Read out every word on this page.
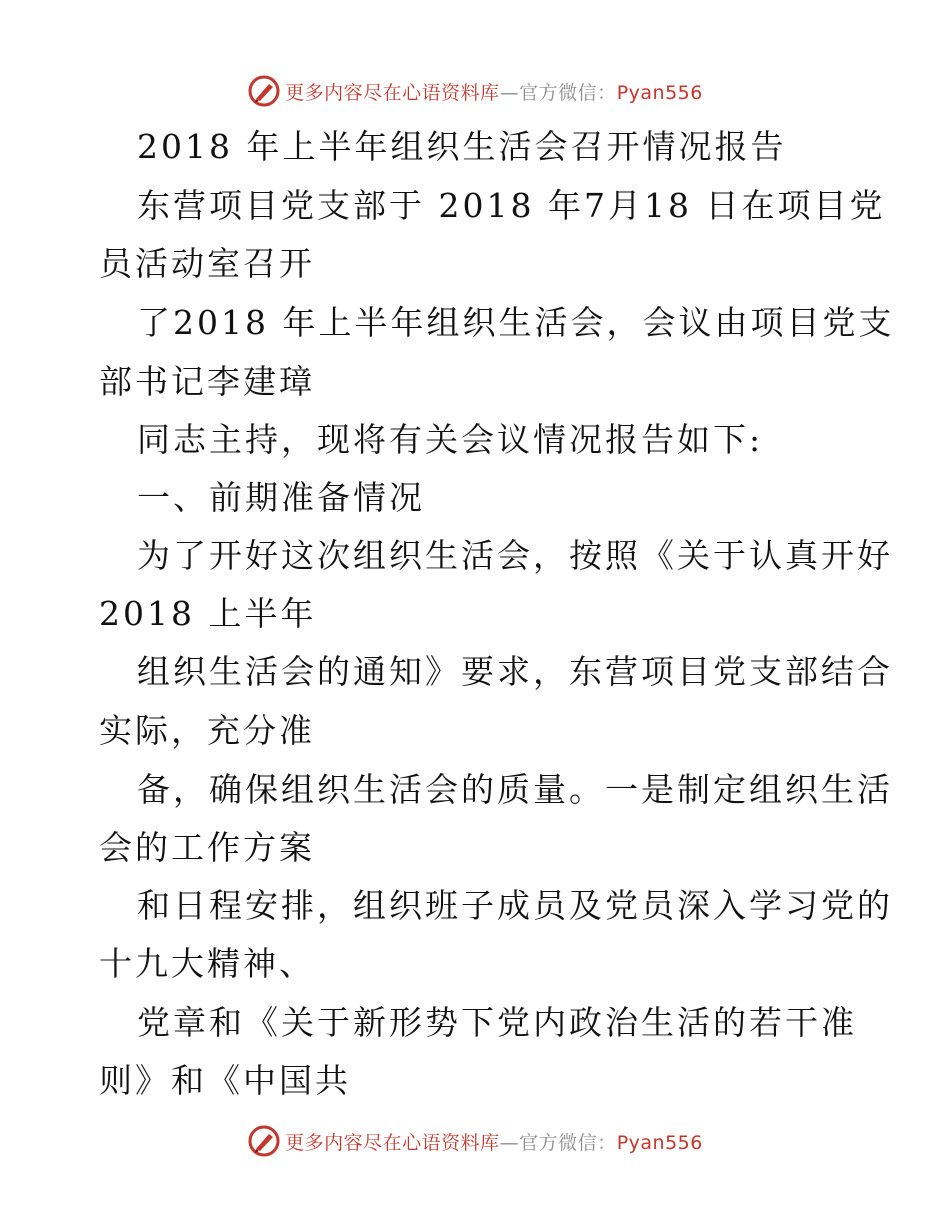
更多内容尽在心语资料库—官方微信：Pyan556
2018 年上半年组织生活会召开情况报告
东营项目党支部于 2018 年7月18 日在项目党
员活动室召开
了2018 年上半年组织生活会，会议由项目党支
部书记李建璋
同志主持，现将有关会议情况报告如下:
一、前期准备情况
为了开好这次组织生活会，按照《关于认真开好
2018 上半年
组织生活会的通知》要求，东营项目党支部结合
实际，充分准
备，确保组织生活会的质量。一是制定组织生活
会的工作方案
和日程安排，组织班子成员及党员深入学习党的
十九大精神、
党章和《关于新形势下党内政治生活的若干准
则》和《中国共
更多内容尽在心语资料库—官方微信：Pyan556
